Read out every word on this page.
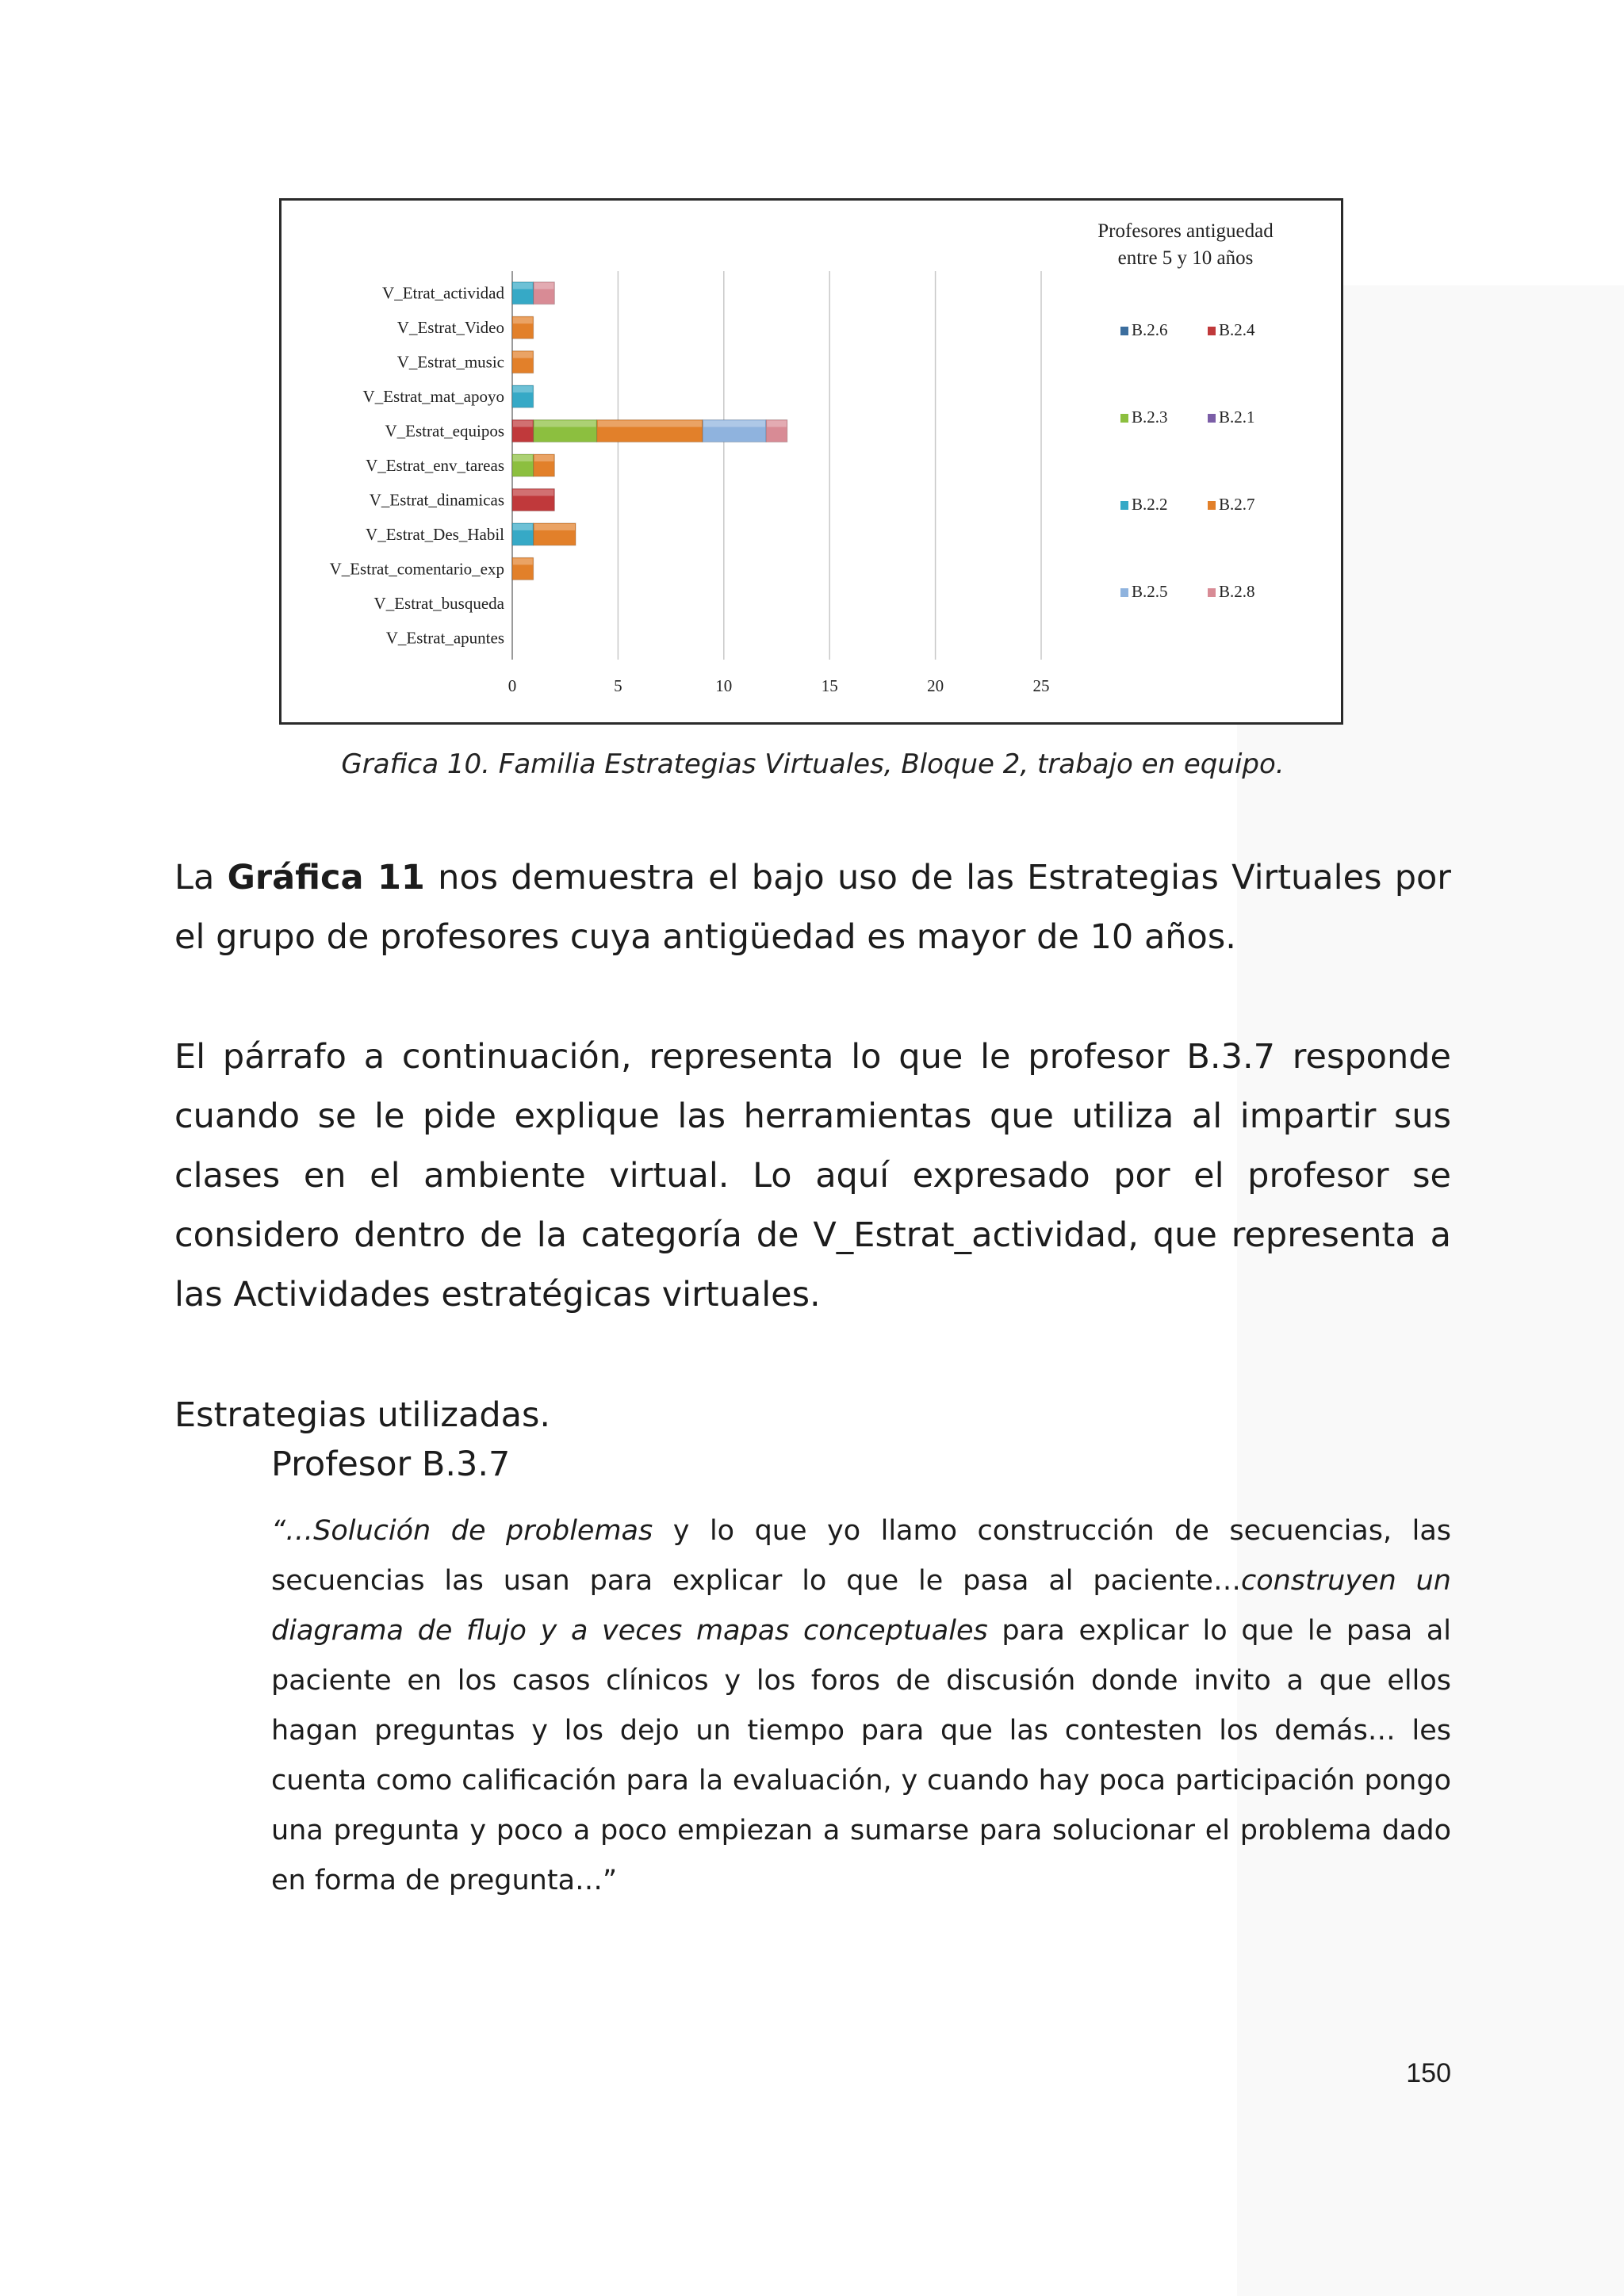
0	5	10	15	20	25
V_Etrat_actividad
V_Estrat_Video
V_Estrat_music
V_Estrat_mat_apoyo
V_Estrat_equipos
V_Estrat_env_tareas
V_Estrat_dinamicas
V_Estrat_Des_Habil
V_Estrat_comentario_exp
V_Estrat_busqueda
V_Estrat_apuntes
Profesores antiguedad
entre 5 y 10 años
B.2.6	B.2.4
B.2.3	B.2.1
B.2.2	B.2.7
B.2.5	B.2.8
Grafica 10. Familia Estrategias Virtuales, Bloque 2, trabajo en equipo.
La Gráfica 11 nos demuestra el bajo uso de las Estrategias Virtuales por el grupo de profesores cuya antigüedad es mayor de 10 años.
El párrafo a continuación, representa lo que le profesor B.3.7 responde cuando se le pide explique las herramientas que utiliza al impartir sus clases en el ambiente virtual. Lo aquí expresado por el profesor se considero dentro de la categoría de V_Estrat_actividad, que representa a las Actividades estratégicas virtuales.
Estrategias utilizadas.
Profesor B.3.7
“…Solución de problemas y lo que yo llamo construcción de secuencias, las secuencias las usan para explicar lo que le pasa al paciente…construyen un diagrama de flujo y a veces mapas conceptuales para explicar lo que le pasa al paciente en los casos clínicos y los foros de discusión donde invito a que ellos hagan preguntas y los dejo un tiempo para que las contesten los demás… les cuenta como calificación para la evaluación, y cuando hay poca participación pongo una pregunta y poco a poco empiezan a sumarse para solucionar el problema dado en forma de pregunta…”
150
